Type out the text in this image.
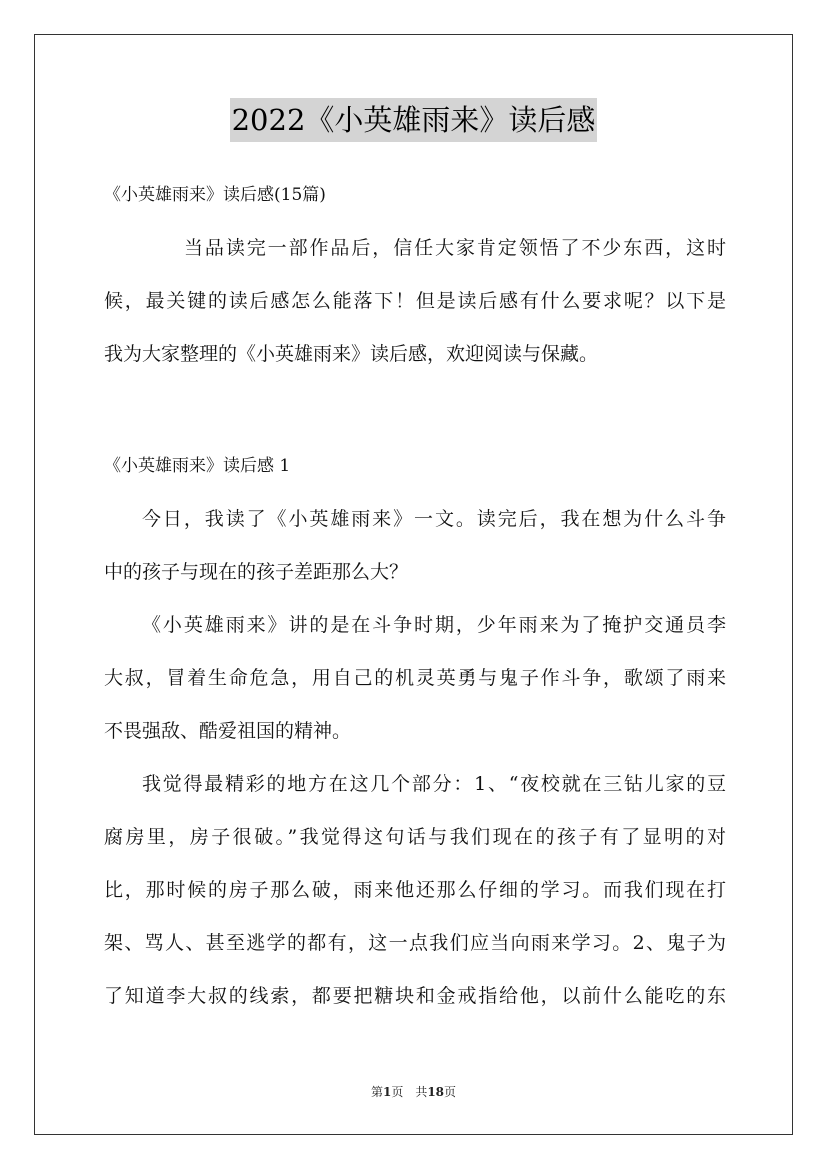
2022《小英雄雨来》读后感
《小英雄雨来》读后感(15篇)
当品读完一部作品后，信任大家肯定领悟了不少东西，这时
候，最关键的读后感怎么能落下！但是读后感有什么要求呢？以下是
我为大家整理的《小英雄雨来》读后感，欢迎阅读与保藏。
《小英雄雨来》读后感 1
今日，我读了《小英雄雨来》一文。读完后，我在想为什么斗争
中的孩子与现在的孩子差距那么大？
《小英雄雨来》讲的是在斗争时期，少年雨来为了掩护交通员李
大叔，冒着生命危急，用自己的机灵英勇与鬼子作斗争，歌颂了雨来
不畏强敌、酷爱祖国的精神。
我觉得最精彩的地方在这几个部分：1、“夜校就在三钻儿家的豆
腐房里，房子很破。”我觉得这句话与我们现在的孩子有了显明的对
比，那时候的房子那么破，雨来他还那么仔细的学习。而我们现在打
架、骂人、甚至逃学的都有，这一点我们应当向雨来学习。2、鬼子为
了知道李大叔的线索，都要把糖块和金戒指给他，以前什么能吃的东
第1页　共18页
